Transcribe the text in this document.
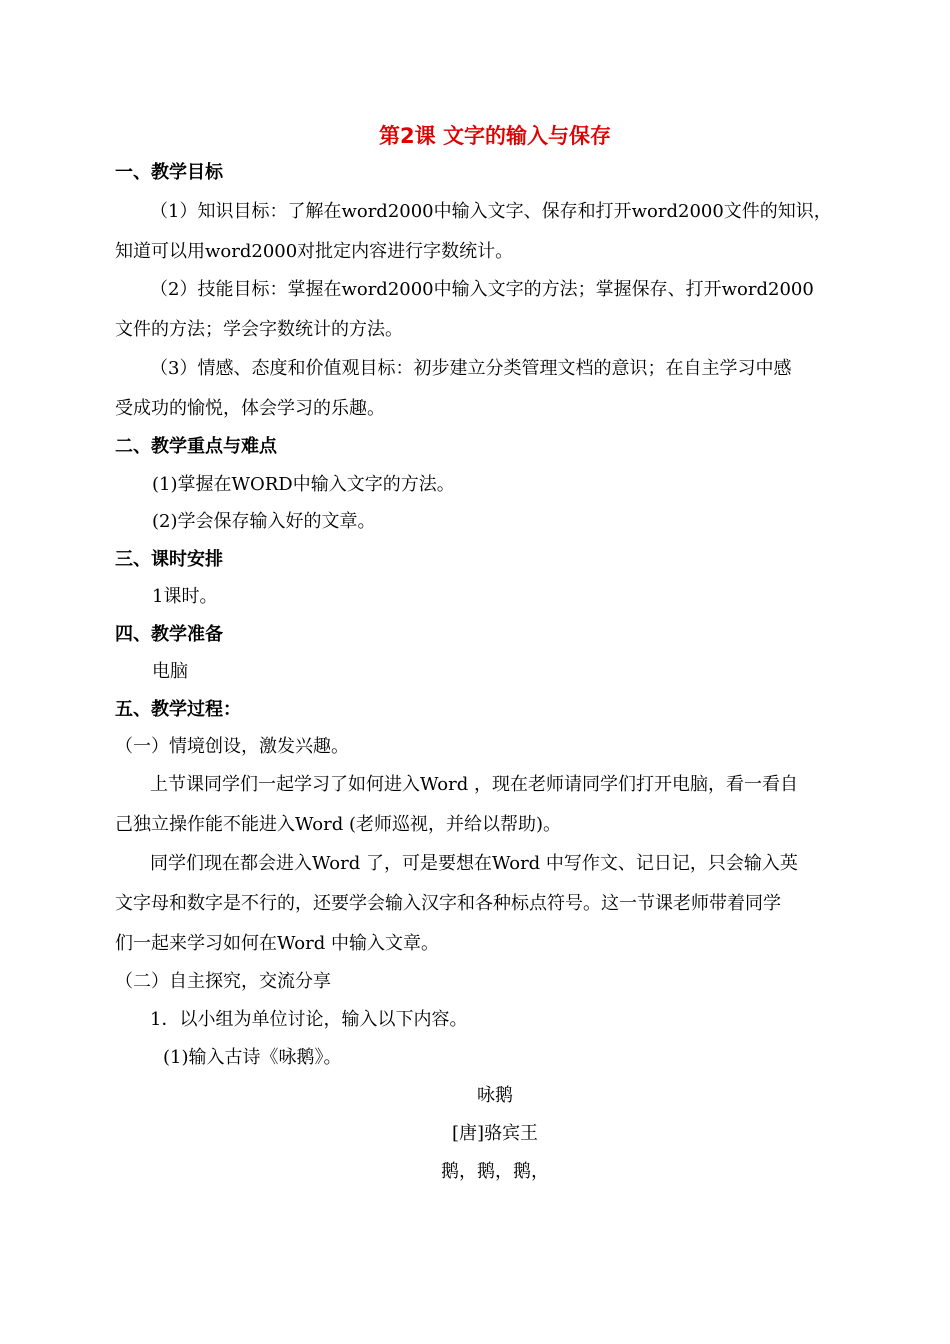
第2课 文字的输入与保存
一、教学目标
（1）知识目标：了解在word2000中输入文字、保存和打开word2000文件的知识，
知道可以用word2000对批定内容进行字数统计。
（2）技能目标：掌握在word2000中输入文字的方法；掌握保存、打开word2000
文件的方法；学会字数统计的方法。
（3）情感、态度和价值观目标：初步建立分类管理文档的意识；在自主学习中感
受成功的愉悦，体会学习的乐趣。
二、教学重点与难点
(1)掌握在WORD中输入文字的方法。
(2)学会保存输入好的文章。
三、课时安排
1课时。
四、教学准备
电脑
五、教学过程：
（一）情境创设，激发兴趣。
上节课同学们一起学习了如何进入Word ，现在老师请同学们打开电脑，看一看自
己独立操作能不能进入Word (老师巡视，并给以帮助)。
同学们现在都会进入Word 了，可是要想在Word 中写作文、记日记，只会输入英
文字母和数字是不行的，还要学会输入汉字和各种标点符号。这一节课老师带着同学
们一起来学习如何在Word 中输入文章。
（二）自主探究，交流分享
1．以小组为单位讨论，输入以下内容。
(1)输入古诗《咏鹅》。
咏鹅
[唐]骆宾王
鹅，鹅，鹅，
